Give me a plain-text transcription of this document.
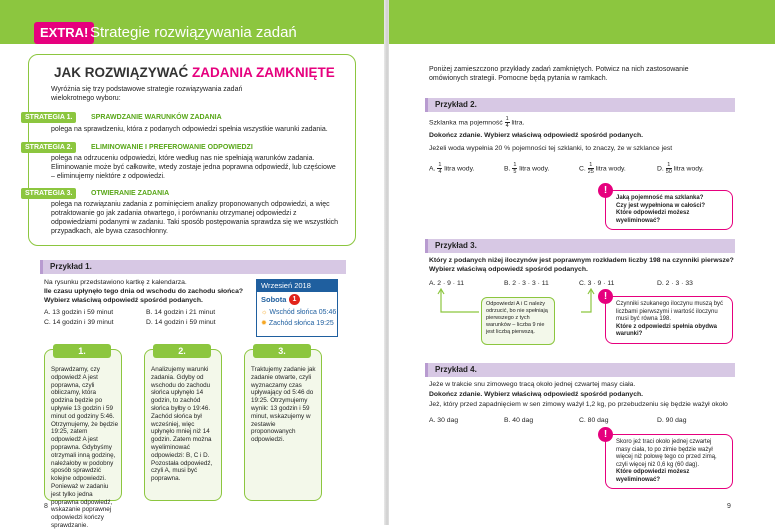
EXTRA! Strategie rozwiązywania zadań
JAK ROZWIĄZYWAĆ ZADANIA ZAMKNIĘTE
Wyróżnia się trzy podstawowe strategie rozwiązywania zadań wielokrotnego wyboru:
STRATEGIA 1.	SPRAWDZANIE WARUNKÓW ZADANIA
polega na sprawdzeniu, która z podanych odpowiedzi spełnia wszystkie warunki zadania.
STRATEGIA 2.	ELIMINOWANIE I PREFEROWANIE ODPOWIEDZI
polega na odrzuceniu odpowiedzi, które według nas nie spełniają warunków zadania. Eliminowanie może być całkowite, wtedy zostaje jedna poprawna odpowiedź, lub częściowe – eliminujemy niektóre z odpowiedzi.
STRATEGIA 3.	OTWIERANIE ZADANIA
polega na rozwiązaniu zadania z pominięciem analizy proponowanych odpowiedzi, a więc potraktowanie go jak zadania otwartego, i porównaniu otrzymanej odpowiedzi z odpowiedziami podanymi w zadaniu. Taki sposób postępowania sprawdza się we wszystkich przypadkach, ale bywa czasochłonny.
Przykład 1.
Na rysunku przedstawiono kartkę z kalendarza.
Ile czasu upłynęło tego dnia od wschodu do zachodu słońca?
Wybierz właściwą odpowiedź spośród podanych.
A. 13 godzin i 59 minut	B. 14 godzin i 21 minut
C. 14 godzin i 39 minut	D. 14 godzin i 59 minut
Wrzesień 2018
Sobota 1
☼ Wschód słońca 05:46
✹ Zachód słońca 19:25
1.
Sprawdzamy, czy odpowiedź A jest poprawna, czyli obliczamy, która godzina będzie po upływie 13 godzin i 59 minut od godziny 5:46. Otrzymujemy, że będzie 19:25, zatem odpowiedź A jest poprawna. Gdybyśmy otrzymali inną godzinę, należałoby w podobny sposób sprawdzić kolejne odpowiedzi. Ponieważ w zadaniu jest tylko jedna poprawna odpowiedź, wskazanie poprawnej odpowiedzi kończy sprawdzanie.
2.
Analizujemy warunki zadania. Gdyby od wschodu do zachodu słońca upłynęło 14 godzin, to zachód słońca byłby o 19:46. Zachód słońca był wcześniej, więc upłynęło mniej niż 14 godzin. Zatem można wyeliminować odpowiedzi: B, C i D. Pozostała odpowiedź, czyli A, musi być poprawna.
3.
Traktujemy zadanie jak zadanie otwarte, czyli wyznaczamy czas upływający od 5:46 do 19:25. Otrzymujemy wynik: 13 godzin i 59 minut, wskazujemy w zestawie proponowanych odpowiedzi.
8
Poniżej zamieszczono przykłady zadań zamkniętych. Potwicz na nich zastosowanie omówionych strategii. Pomocne będą pytania w ramkach.
Przykład 2.
Szklanka ma pojemność $\frac{1}{4}$ litra.
Dokończ zdanie. Wybierz właściwą odpowiedź spośród podanych.
Jeżeli woda wypełnia 20 % pojemności tej szklanki, to znaczy, że w szklance jest
A. $\frac{1}{4}$ litra wody.	B. $\frac{1}{5}$ litra wody.	C. $\frac{1}{25}$ litra wody.	D. $\frac{1}{50}$ litra wody.
!
Jaką pojemność ma szklanka?
Czy jest wypełniona w całości?
Które odpowiedzi możesz wyeliminować?
Przykład 3.
Który z podanych niżej iloczynów jest poprawnym rozkładem liczby 198 na czynniki pierwsze? Wybierz właściwą odpowiedź spośród podanych.
A. 2 · 9 · 11	B. 2 · 3 · 3 · 11	C. 3 · 9 · 11	D. 2 · 3 · 33
Odpowiedzi A i C należy odrzucić, bo nie spełniają pierwszego z tych warunków – liczba 9 nie jest liczbą pierwszą.
!
Czynniki szukanego iloczynu muszą być liczbami pierwszymi i wartość iloczynu musi być równa 198.
Które z odpowiedzi spełnia obydwa warunki?
Przykład 4.
Jeże w trakcie snu zimowego tracą około jednej czwartej masy ciała.
Dokończ zdanie. Wybierz właściwą odpowiedź spośród podanych.
Jeż, który przed zapadnięciem w sen zimowy ważył 1,2 kg, po przebudzeniu się będzie ważył około
A. 30 dag	B. 40 dag	C. 80 dag	D. 90 dag
!
Skoro jeż traci około jednej czwartej masy ciała, to po zimie będzie ważył więcej niż połowę tego co przed zimą, czyli więcej niż 0,6 kg (60 dag).
Które odpowiedzi możesz wyeliminować?
9
